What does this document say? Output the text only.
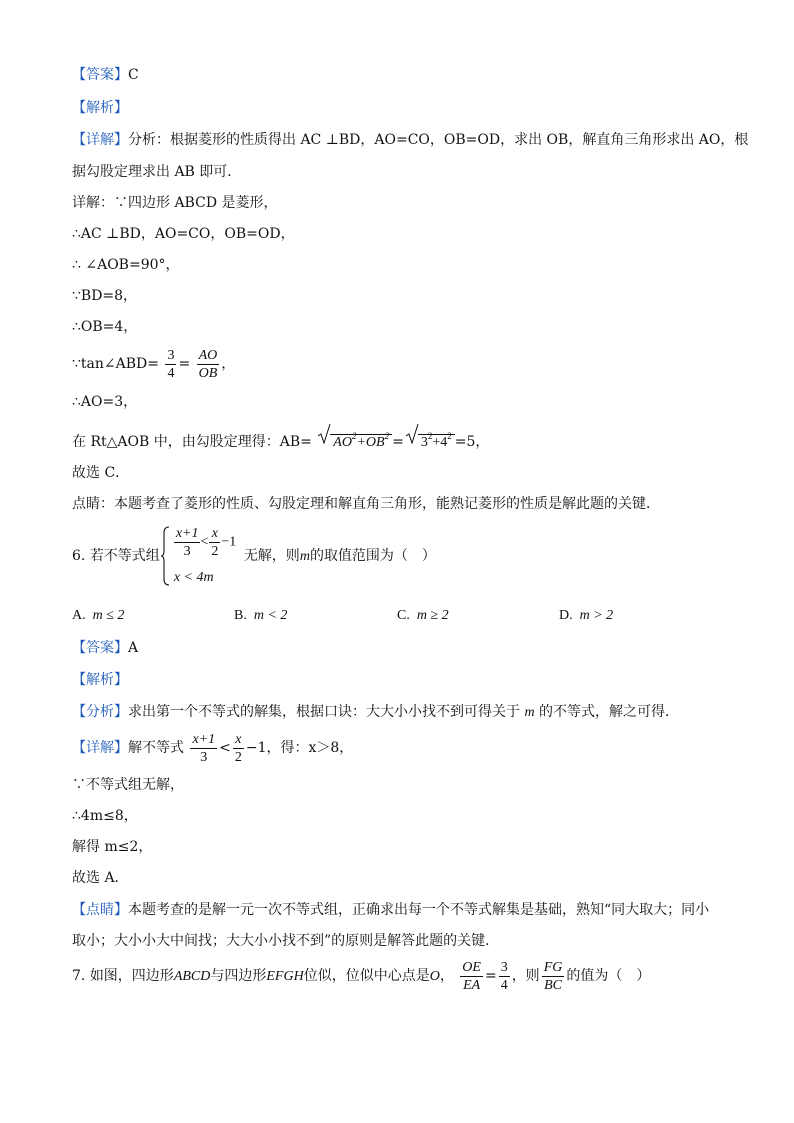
【答案】C
【解析】
【详解】分析：根据菱形的性质得出 AC ⊥BD，AO=CO，OB=OD，求出 OB，解直角三角形求出 AO，根
据勾股定理求出 AB 即可．
详解：∵四边形 ABCD 是菱形，
∴AC ⊥BD，AO=CO，OB=OD，
∴ ∠AOB=90°，
∵BD=8，
∴OB=4，
∵tan∠ABD= $\frac{3}{4} = \frac{AO}{OB}$ ，
∴AO=3，
在 Rt△AOB 中，由勾股定理得：$AB= AO^2+OB^2 = 3^2+4^2 =5$，
故选 C．
点睛：本题考查了菱形的性质、勾股定理和解直角三角形，能熟记菱形的性质是解此题的关键．
6. 若不等式组 $\frac{x+1}{3} < \frac{x}{2} -1$
x < 4m
无解，则m的取值范围为（　）
A. m ≤ 2	B. m < 2	C. m ≥ 2	D. m > 2
【答案】A
【解析】
【分析】求出第一个不等式的解集，根据口诀：大大小小找不到可得关于 m 的不等式，解之可得．
【详解】解不等式 $\frac{x+1}{3} < \frac{x}{2} -1$，得：x＞8，
∵不等式组无解，
∴4m≤8，
解得 m≤2，
故选 A．
【点睛】本题考查的是解一元一次不等式组，正确求出每一个不等式解集是基础，熟知“同大取大；同小
取小；大小小大中间找；大大小小找不到”的原则是解答此题的关键．
7. 如图，四边形ABCD与四边形EFGH位似，位似中心点是O， $\frac{OE}{EA} = \frac{3}{4}$ ，则 $\frac{FG}{BC}$ 的值为（　）
